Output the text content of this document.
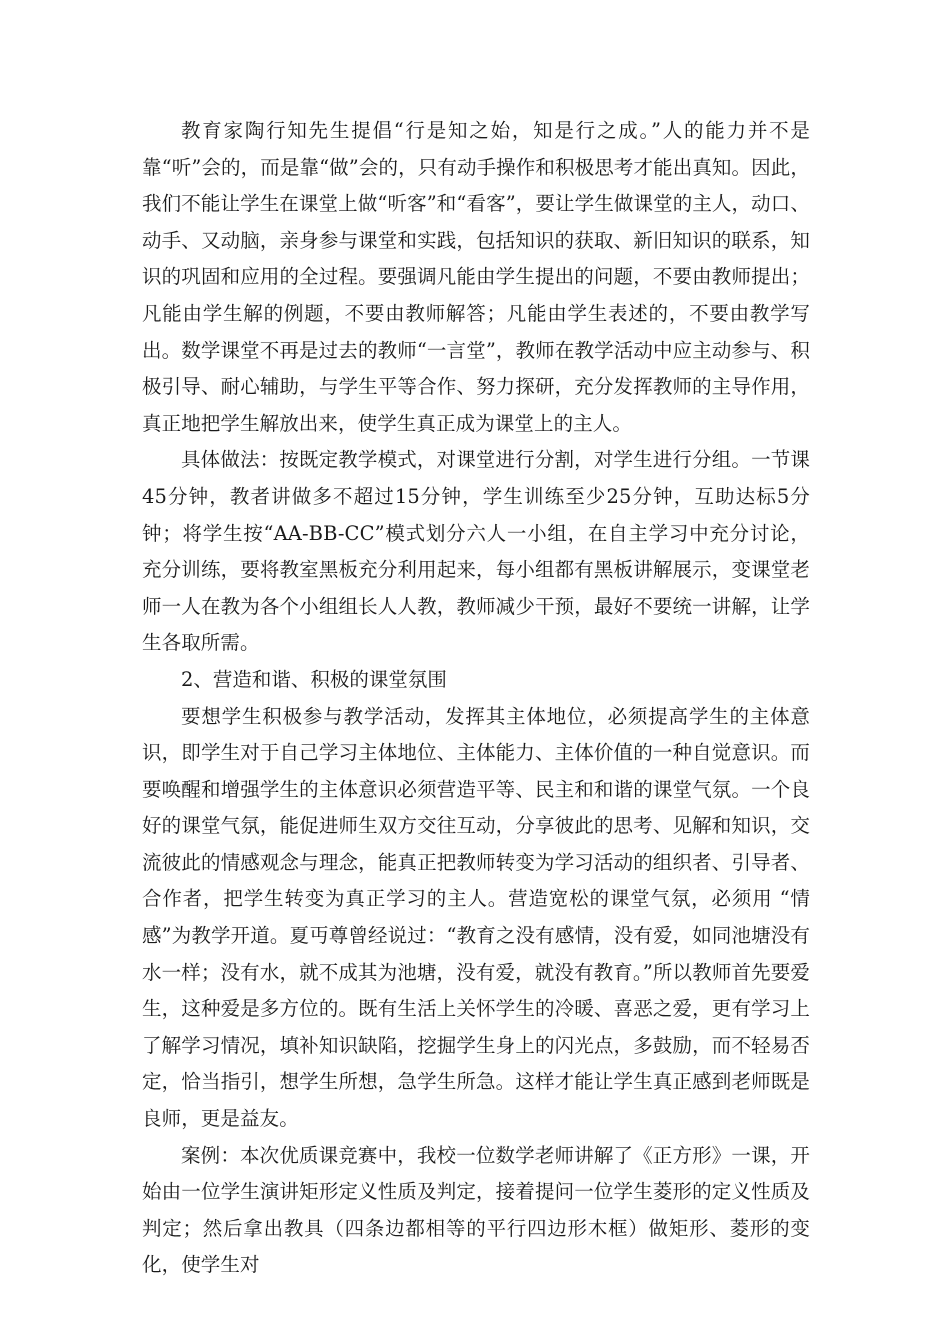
教育家陶行知先生提倡“行是知之始，知是行之成。”人的能力并不是靠“听”会的，而是靠“做”会的，只有动手操作和积极思考才能出真知。因此，我们不能让学生在课堂上做“听客”和“看客”，要让学生做课堂的主人，动口、动手、又动脑，亲身参与课堂和实践，包括知识的获取、新旧知识的联系，知识的巩固和应用的全过程。要强调凡能由学生提出的问题，不要由教师提出；凡能由学生解的例题，不要由教师解答；凡能由学生表述的，不要由教学写出。数学课堂不再是过去的教师“一言堂”，教师在教学活动中应主动参与、积极引导、耐心辅助，与学生平等合作、努力探研，充分发挥教师的主导作用，真正地把学生解放出来，使学生真正成为课堂上的主人。

具体做法：按既定教学模式，对课堂进行分割，对学生进行分组。一节课45分钟，教者讲做多不超过15分钟，学生训练至少25分钟，互助达标5分钟；将学生按“AA-BB-CC”模式划分六人一小组，在自主学习中充分讨论，充分训练，要将教室黑板充分利用起来，每小组都有黑板讲解展示，变课堂老师一人在教为各个小组组长人人教，教师减少干预，最好不要统一讲解，让学生各取所需。

2、营造和谐、积极的课堂氛围

要想学生积极参与教学活动，发挥其主体地位，必须提高学生的主体意识，即学生对于自己学习主体地位、主体能力、主体价值的一种自觉意识。而要唤醒和增强学生的主体意识必须营造平等、民主和和谐的课堂气氛。一个良好的课堂气氛，能促进师生双方交往互动，分享彼此的思考、见解和知识，交流彼此的情感观念与理念，能真正把教师转变为学习活动的组织者、引导者、合作者，把学生转变为真正学习的主人。营造宽松的课堂气氛，必须用 “情感”为教学开道。夏丏尊曾经说过：“教育之没有感情，没有爱，如同池塘没有水一样；没有水，就不成其为池塘，没有爱，就没有教育。”所以教师首先要爱生，这种爱是多方位的。既有生活上关怀学生的冷暖、喜恶之爱，更有学习上了解学习情况，填补知识缺陷，挖掘学生身上的闪光点，多鼓励，而不轻易否定，恰当指引，想学生所想，急学生所急。这样才能让学生真正感到老师既是良师，更是益友。

案例：本次优质课竞赛中，我校一位数学老师讲解了《正方形》一课，开始由一位学生演讲矩形定义性质及判定，接着提问一位学生菱形的定义性质及判定；然后拿出教具（四条边都相等的平行四边形木框）做矩形、菱形的变化，使学生对
